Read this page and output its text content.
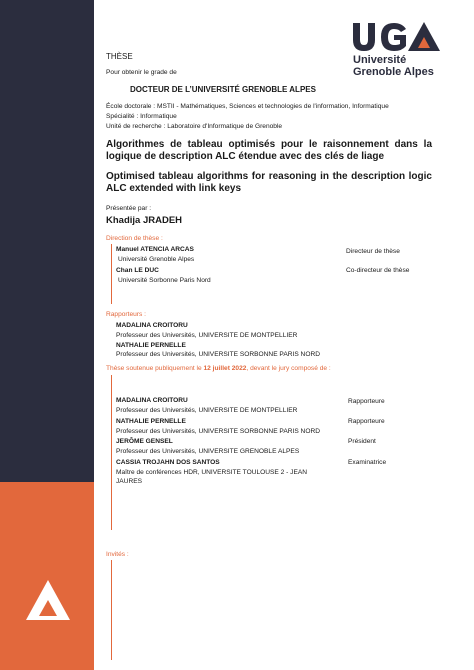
Université
Grenoble Alpes
THÈSE
Pour obtenir le grade de
DOCTEUR DE L’UNIVERSITÉ GRENOBLE ALPES
École doctorale : MSTII - Mathématiques, Sciences et technologies de l'information, Informatique
Spécialité : Informatique
Unité de recherche : Laboratoire d'Informatique de Grenoble
Algorithmes de tableau optimisés pour le raisonnement dans la logique de description ALC étendue avec des clés de liage
Optimised tableau algorithms for reasoning in the description logic ALC extended with link keys
Présentée par :
Khadija JRADEH
Direction de thèse :
Manuel ATENCIA ARCAS
Université Grenoble Alpes
Directeur de thèse
Chan LE DUC
Université Sorbonne Paris Nord
Co-directeur de thèse
Rapporteurs :
MADALINA CROITORU
Professeur des Universités, UNIVERSITE DE MONTPELLIER
NATHALIE PERNELLE
Professeur des Universités, UNIVERSITE SORBONNE PARIS NORD
Thèse soutenue publiquement le 12 juillet 2022, devant le jury composé de :
MADALINA CROITORU
Professeur des Universités, UNIVERSITE DE MONTPELLIER
Rapporteure
NATHALIE PERNELLE
Professeur des Universités, UNIVERSITE SORBONNE PARIS NORD
Rapporteure
JERÔME GENSEL
Professeur des Universités, UNIVERSITE GRENOBLE ALPES
Président
CASSIA TROJAHN DOS SANTOS
Maître de conférences HDR, UNIVERSITE TOULOUSE 2 - JEAN
JAURES
Examinatrice
Invités :
